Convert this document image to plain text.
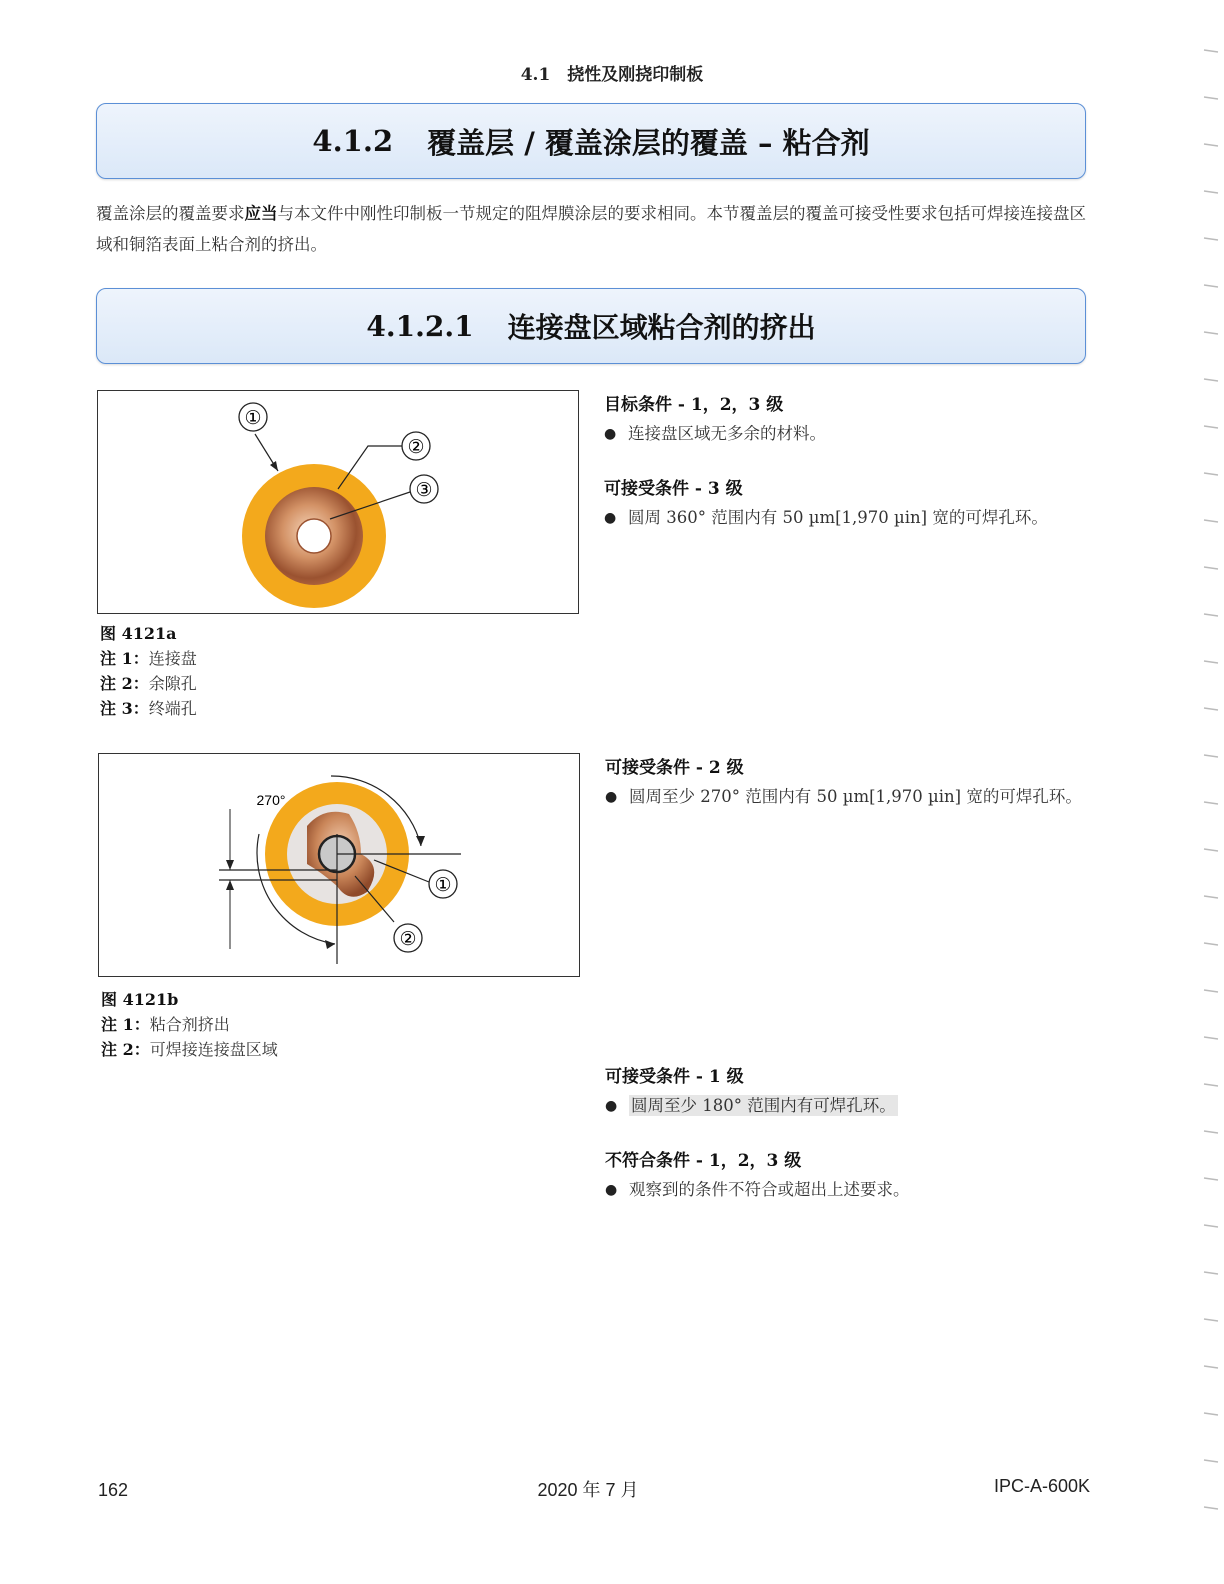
4.1　挠性及刚挠印制板
4.1.2 覆盖层 / 覆盖涂层的覆盖 – 粘合剂
覆盖涂层的覆盖要求应当与本文件中刚性印制板一节规定的阻焊膜涂层的要求相同。本节覆盖层的覆盖可接受性要求包括可焊接连接盘区域和铜箔表面上粘合剂的挤出。
4.1.2.1 连接盘区域粘合剂的挤出
①
②
③
图 4121a
注 1：连接盘
注 2：余隙孔
注 3：终端孔
270°
①
②
图 4121b
注 1：粘合剂挤出
注 2：可焊接连接盘区域
目标条件 - 1，2，3 级
● 连接盘区域无多余的材料。
可接受条件 - 3 级
● 圆周 360° 范围内有 50 µm[1,970 µin] 宽的可焊孔环。
可接受条件 - 2 级
● 圆周至少 270° 范围内有 50 µm[1,970 µin] 宽的可焊孔环。
可接受条件 - 1 级
● 圆周至少 180° 范围内有可焊孔环。
不符合条件 - 1，2，3 级
● 观察到的条件不符合或超出上述要求。
162	2020 年 7 月	IPC-A-600K
